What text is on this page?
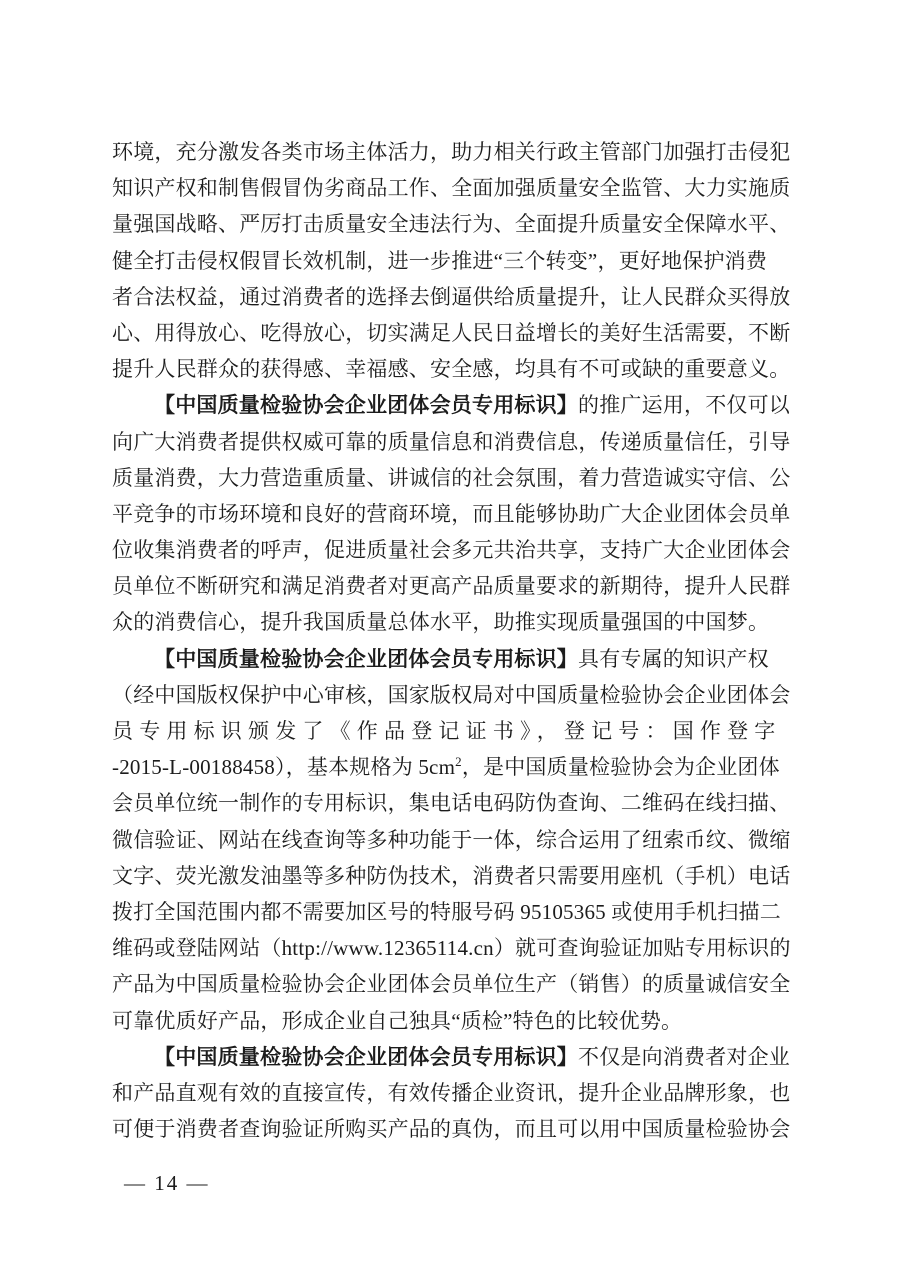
环境，充分激发各类市场主体活力，助力相关行政主管部门加强打击侵犯
知识产权和制售假冒伪劣商品工作、全面加强质量安全监管、大力实施质
量强国战略、严厉打击质量安全违法行为、全面提升质量安全保障水平、
健全打击侵权假冒长效机制，进一步推进“三个转变”，更好地保护消费
者合法权益，通过消费者的选择去倒逼供给质量提升，让人民群众买得放
心、用得放心、吃得放心，切实满足人民日益增长的美好生活需要，不断
提升人民群众的获得感、幸福感、安全感，均具有不可或缺的重要意义。
【中国质量检验协会企业团体会员专用标识】的推广运用，不仅可以
向广大消费者提供权威可靠的质量信息和消费信息，传递质量信任，引导
质量消费，大力营造重质量、讲诚信的社会氛围，着力营造诚实守信、公
平竞争的市场环境和良好的营商环境，而且能够协助广大企业团体会员单
位收集消费者的呼声，促进质量社会多元共治共享，支持广大企业团体会
员单位不断研究和满足消费者对更高产品质量要求的新期待，提升人民群
众的消费信心，提升我国质量总体水平，助推实现质量强国的中国梦。
【中国质量检验协会企业团体会员专用标识】具有专属的知识产权
（经中国版权保护中心审核，国家版权局对中国质量检验协会企业团体会
员专用标识颁发了《作品登记证书》，登记号：国作登字
-2015-L-00188458），基本规格为 $5cm^2$，是中国质量检验协会为企业团体
会员单位统一制作的专用标识，集电话电码防伪查询、二维码在线扫描、
微信验证、网站在线查询等多种功能于一体，综合运用了纽索币纹、微缩
文字、荧光激发油墨等多种防伪技术，消费者只需要用座机（手机）电话
拨打全国范围内都不需要加区号的特服号码 95105365 或使用手机扫描二
维码或登陆网站（http://www.12365114.cn）就可查询验证加贴专用标识的
产品为中国质量检验协会企业团体会员单位生产（销售）的质量诚信安全
可靠优质好产品，形成企业自己独具“质检”特色的比较优势。
【中国质量检验协会企业团体会员专用标识】不仅是向消费者对企业
和产品直观有效的直接宣传，有效传播企业资讯，提升企业品牌形象，也
可便于消费者查询验证所购买产品的真伪，而且可以用中国质量检验协会
— 14 —
